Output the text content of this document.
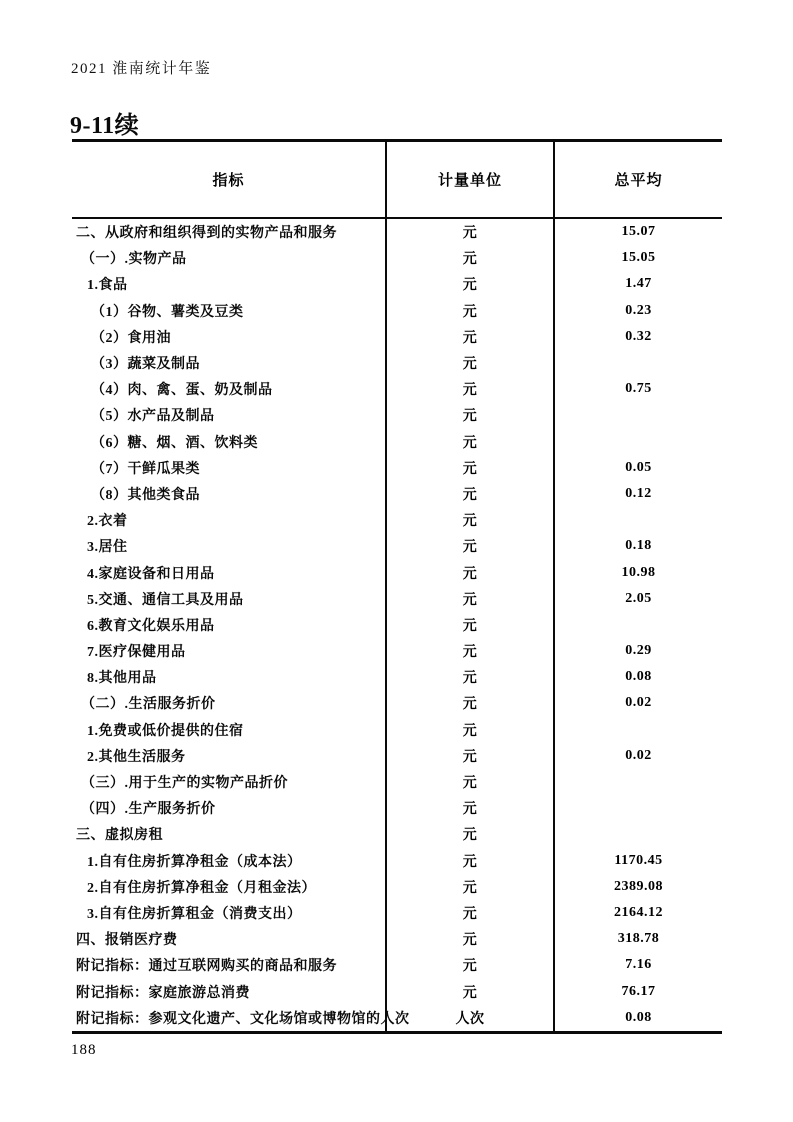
2021 淮南统计年鉴
9-11续
指标	计量单位	总平均
二、从政府和组织得到的实物产品和服务	元	15.07
（一）.实物产品	元	15.05
1.食品	元	1.47
（1）谷物、薯类及豆类	元	0.23
（2）食用油	元	0.32
（3）蔬菜及制品	元
（4）肉、禽、蛋、奶及制品	元	0.75
（5）水产品及制品	元
（6）糖、烟、酒、饮料类	元
（7）干鲜瓜果类	元	0.05
（8）其他类食品	元	0.12
2.衣着	元
3.居住	元	0.18
4.家庭设备和日用品	元	10.98
5.交通、通信工具及用品	元	2.05
6.教育文化娱乐用品	元
7.医疗保健用品	元	0.29
8.其他用品	元	0.08
（二）.生活服务折价	元	0.02
1.免费或低价提供的住宿	元
2.其他生活服务	元	0.02
（三）.用于生产的实物产品折价	元
（四）.生产服务折价	元
三、虚拟房租	元
1.自有住房折算净租金（成本法）	元	1170.45
2.自有住房折算净租金（月租金法）	元	2389.08
3.自有住房折算租金（消费支出）	元	2164.12
四、报销医疗费	元	318.78
附记指标：通过互联网购买的商品和服务	元	7.16
附记指标：家庭旅游总消费	元	76.17
附记指标：参观文化遗产、文化场馆或博物馆的人次	人次	0.08
188
